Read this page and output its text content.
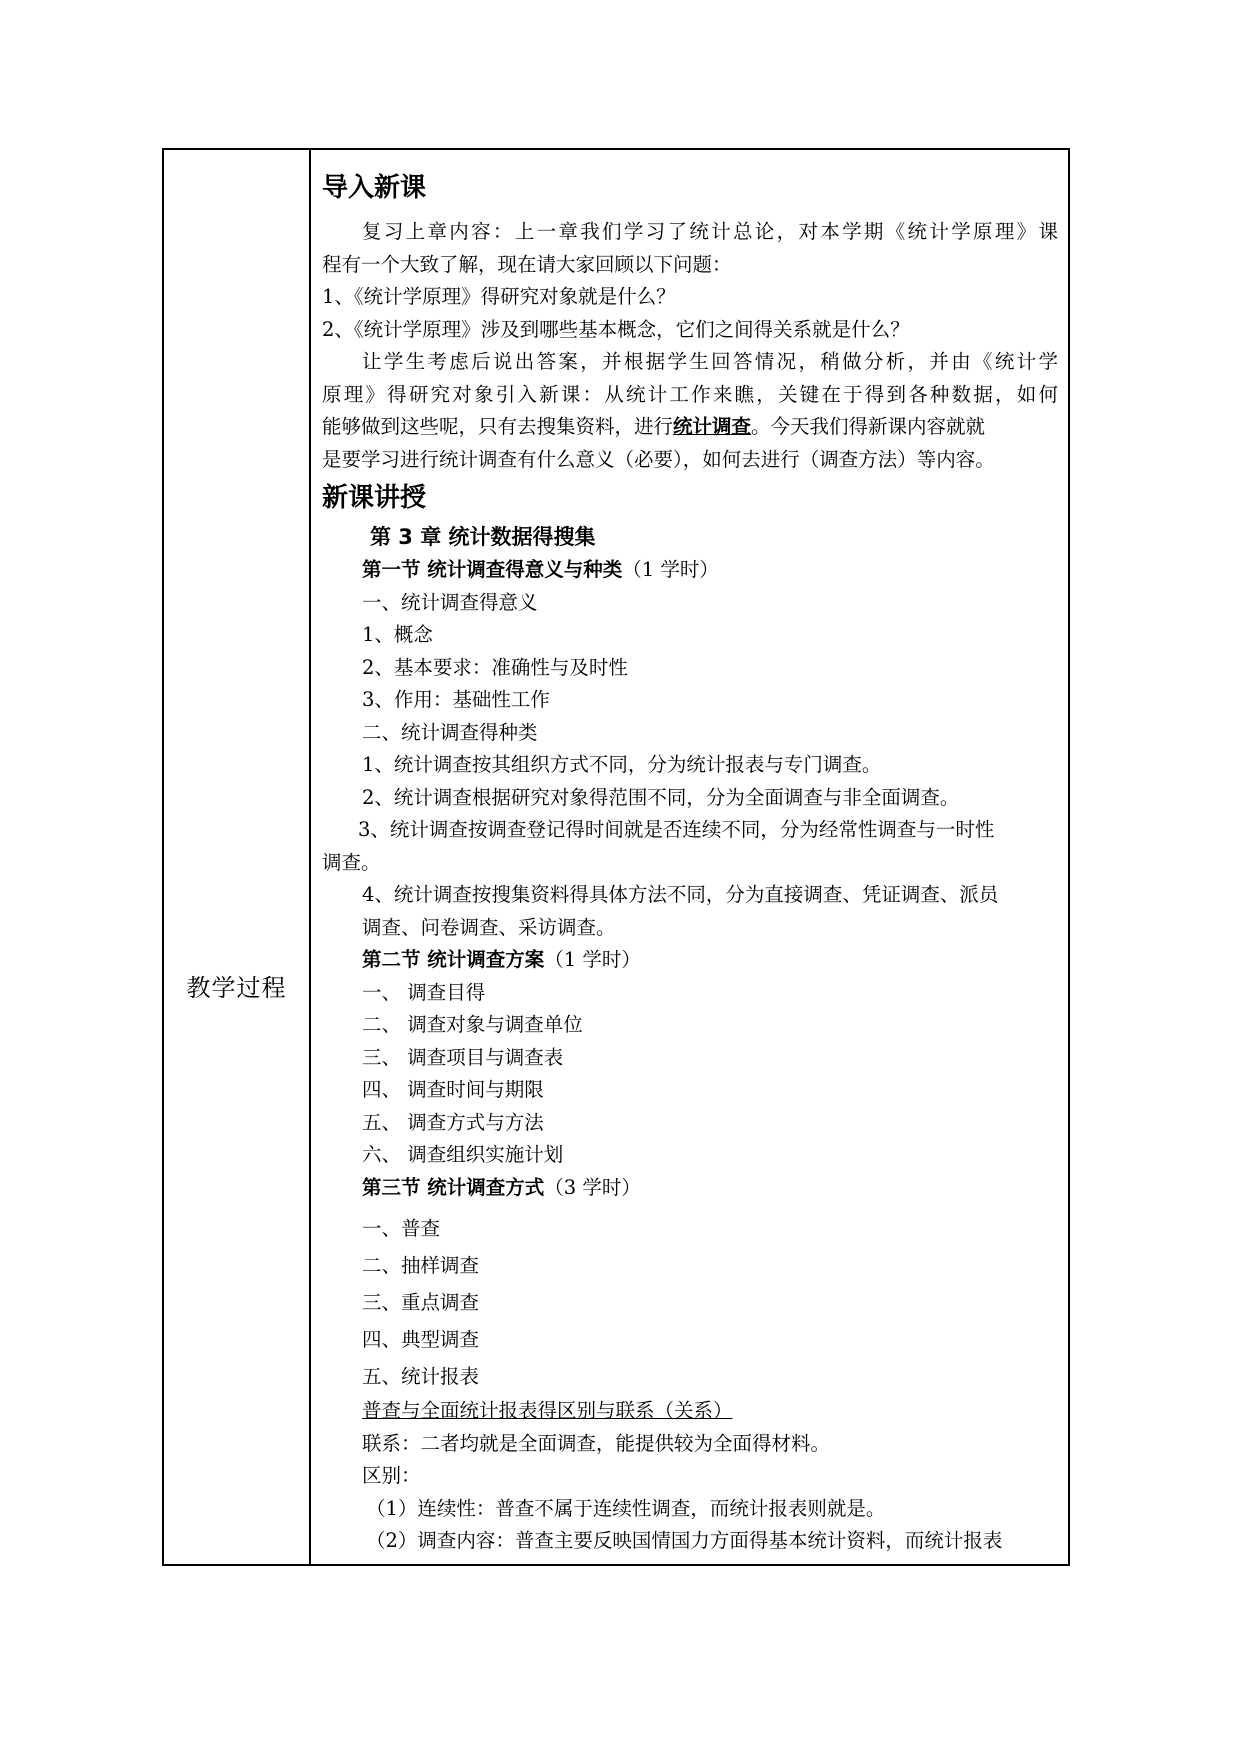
教学过程
导入新课
复习上章内容：上一章我们学习了统计总论，对本学期《统计学原理》课
程有一个大致了解，现在请大家回顾以下问题：
1、《统计学原理》得研究对象就是什么？
2、《统计学原理》涉及到哪些基本概念，它们之间得关系就是什么？
让学生考虑后说出答案，并根据学生回答情况，稍做分析，并由《统计学
原理》得研究对象引入新课：从统计工作来瞧，关键在于得到各种数据，如何
能够做到这些呢，只有去搜集资料，进行统计调查。今天我们得新课内容就就
是要学习进行统计调查有什么意义（必要），如何去进行（调查方法）等内容。
新课讲授
第 3 章 统计数据得搜集
第一节 统计调查得意义与种类（1 学时）
一、统计调查得意义
1、概念
2、基本要求：准确性与及时性
3、作用：基础性工作
二、统计调查得种类
1、统计调查按其组织方式不同，分为统计报表与专门调查。
2、统计调查根据研究对象得范围不同，分为全面调查与非全面调查。
3、统计调查按调查登记得时间就是否连续不同，分为经常性调查与一时性
调查。
4、统计调查按搜集资料得具体方法不同，分为直接调查、凭证调查、派员
调查、问卷调查、采访调查。
第二节 统计调查方案（1 学时）
一、 调查目得
二、 调查对象与调查单位
三、 调查项目与调查表
四、 调查时间与期限
五、 调查方式与方法
六、 调查组织实施计划
第三节 统计调查方式（3 学时）
一、普查
二、抽样调查
三、重点调查
四、典型调查
五、统计报表
普查与全面统计报表得区别与联系（关系）
联系：二者均就是全面调查，能提供较为全面得材料。
区别：
（1）连续性：普查不属于连续性调查，而统计报表则就是。
（2）调查内容：普查主要反映国情国力方面得基本统计资料，而统计报表
